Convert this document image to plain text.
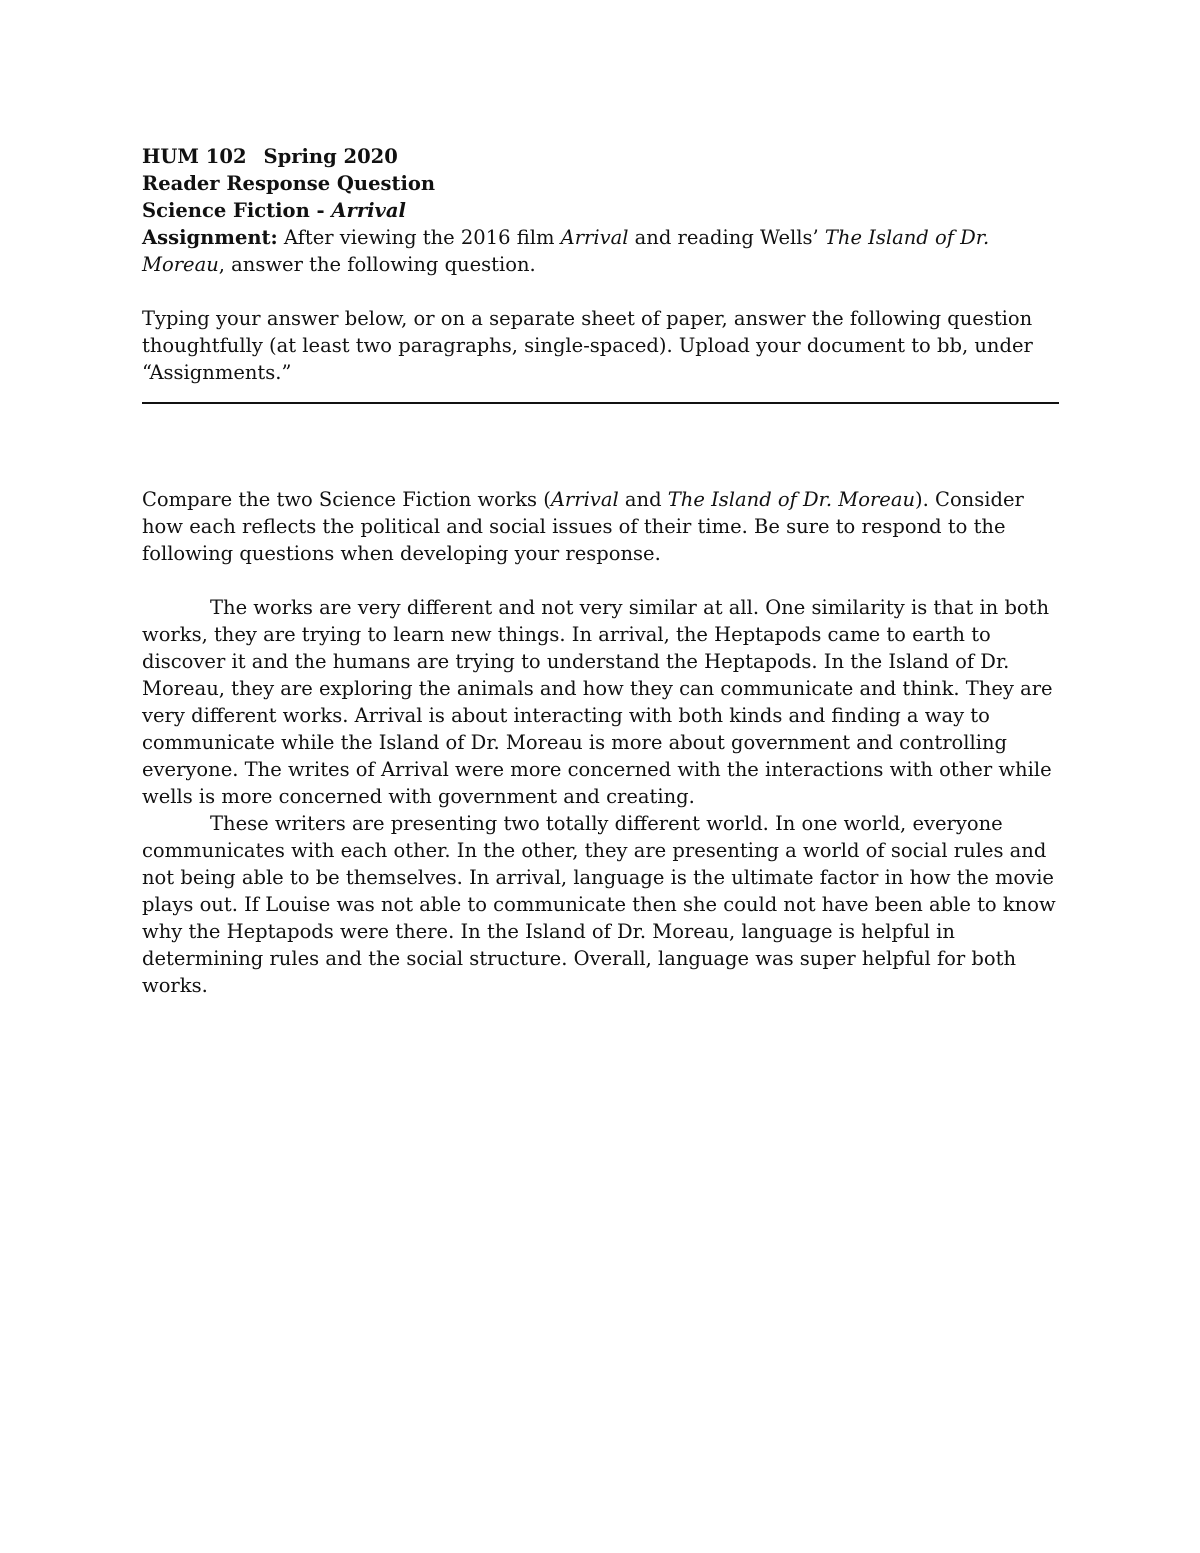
HUM 102 Spring 2020
Reader Response Question
Science Fiction - Arrival

Assignment: After viewing the 2016 film Arrival and reading Wells’ The Island of Dr. Moreau, answer the following question.

Typing your answer below, or on a separate sheet of paper, answer the following question thoughtfully (at least two paragraphs, single-spaced). Upload your document to bb, under “Assignments.”

Compare the two Science Fiction works (Arrival and The Island of Dr. Moreau). Consider how each reflects the political and social issues of their time. Be sure to respond to the following questions when developing your response.

The works are very different and not very similar at all. One similarity is that in both works, they are trying to learn new things. In arrival, the Heptapods came to earth to discover it and the humans are trying to understand the Heptapods. In the Island of Dr. Moreau, they are exploring the animals and how they can communicate and think. They are very different works. Arrival is about interacting with both kinds and finding a way to communicate while the Island of Dr. Moreau is more about government and controlling everyone. The writes of Arrival were more concerned with the interactions with other while wells is more concerned with government and creating.

These writers are presenting two totally different world. In one world, everyone communicates with each other. In the other, they are presenting a world of social rules and not being able to be themselves. In arrival, language is the ultimate factor in how the movie plays out. If Louise was not able to communicate then she could not have been able to know why the Heptapods were there. In the Island of Dr. Moreau, language is helpful in determining rules and the social structure. Overall, language was super helpful for both works.
